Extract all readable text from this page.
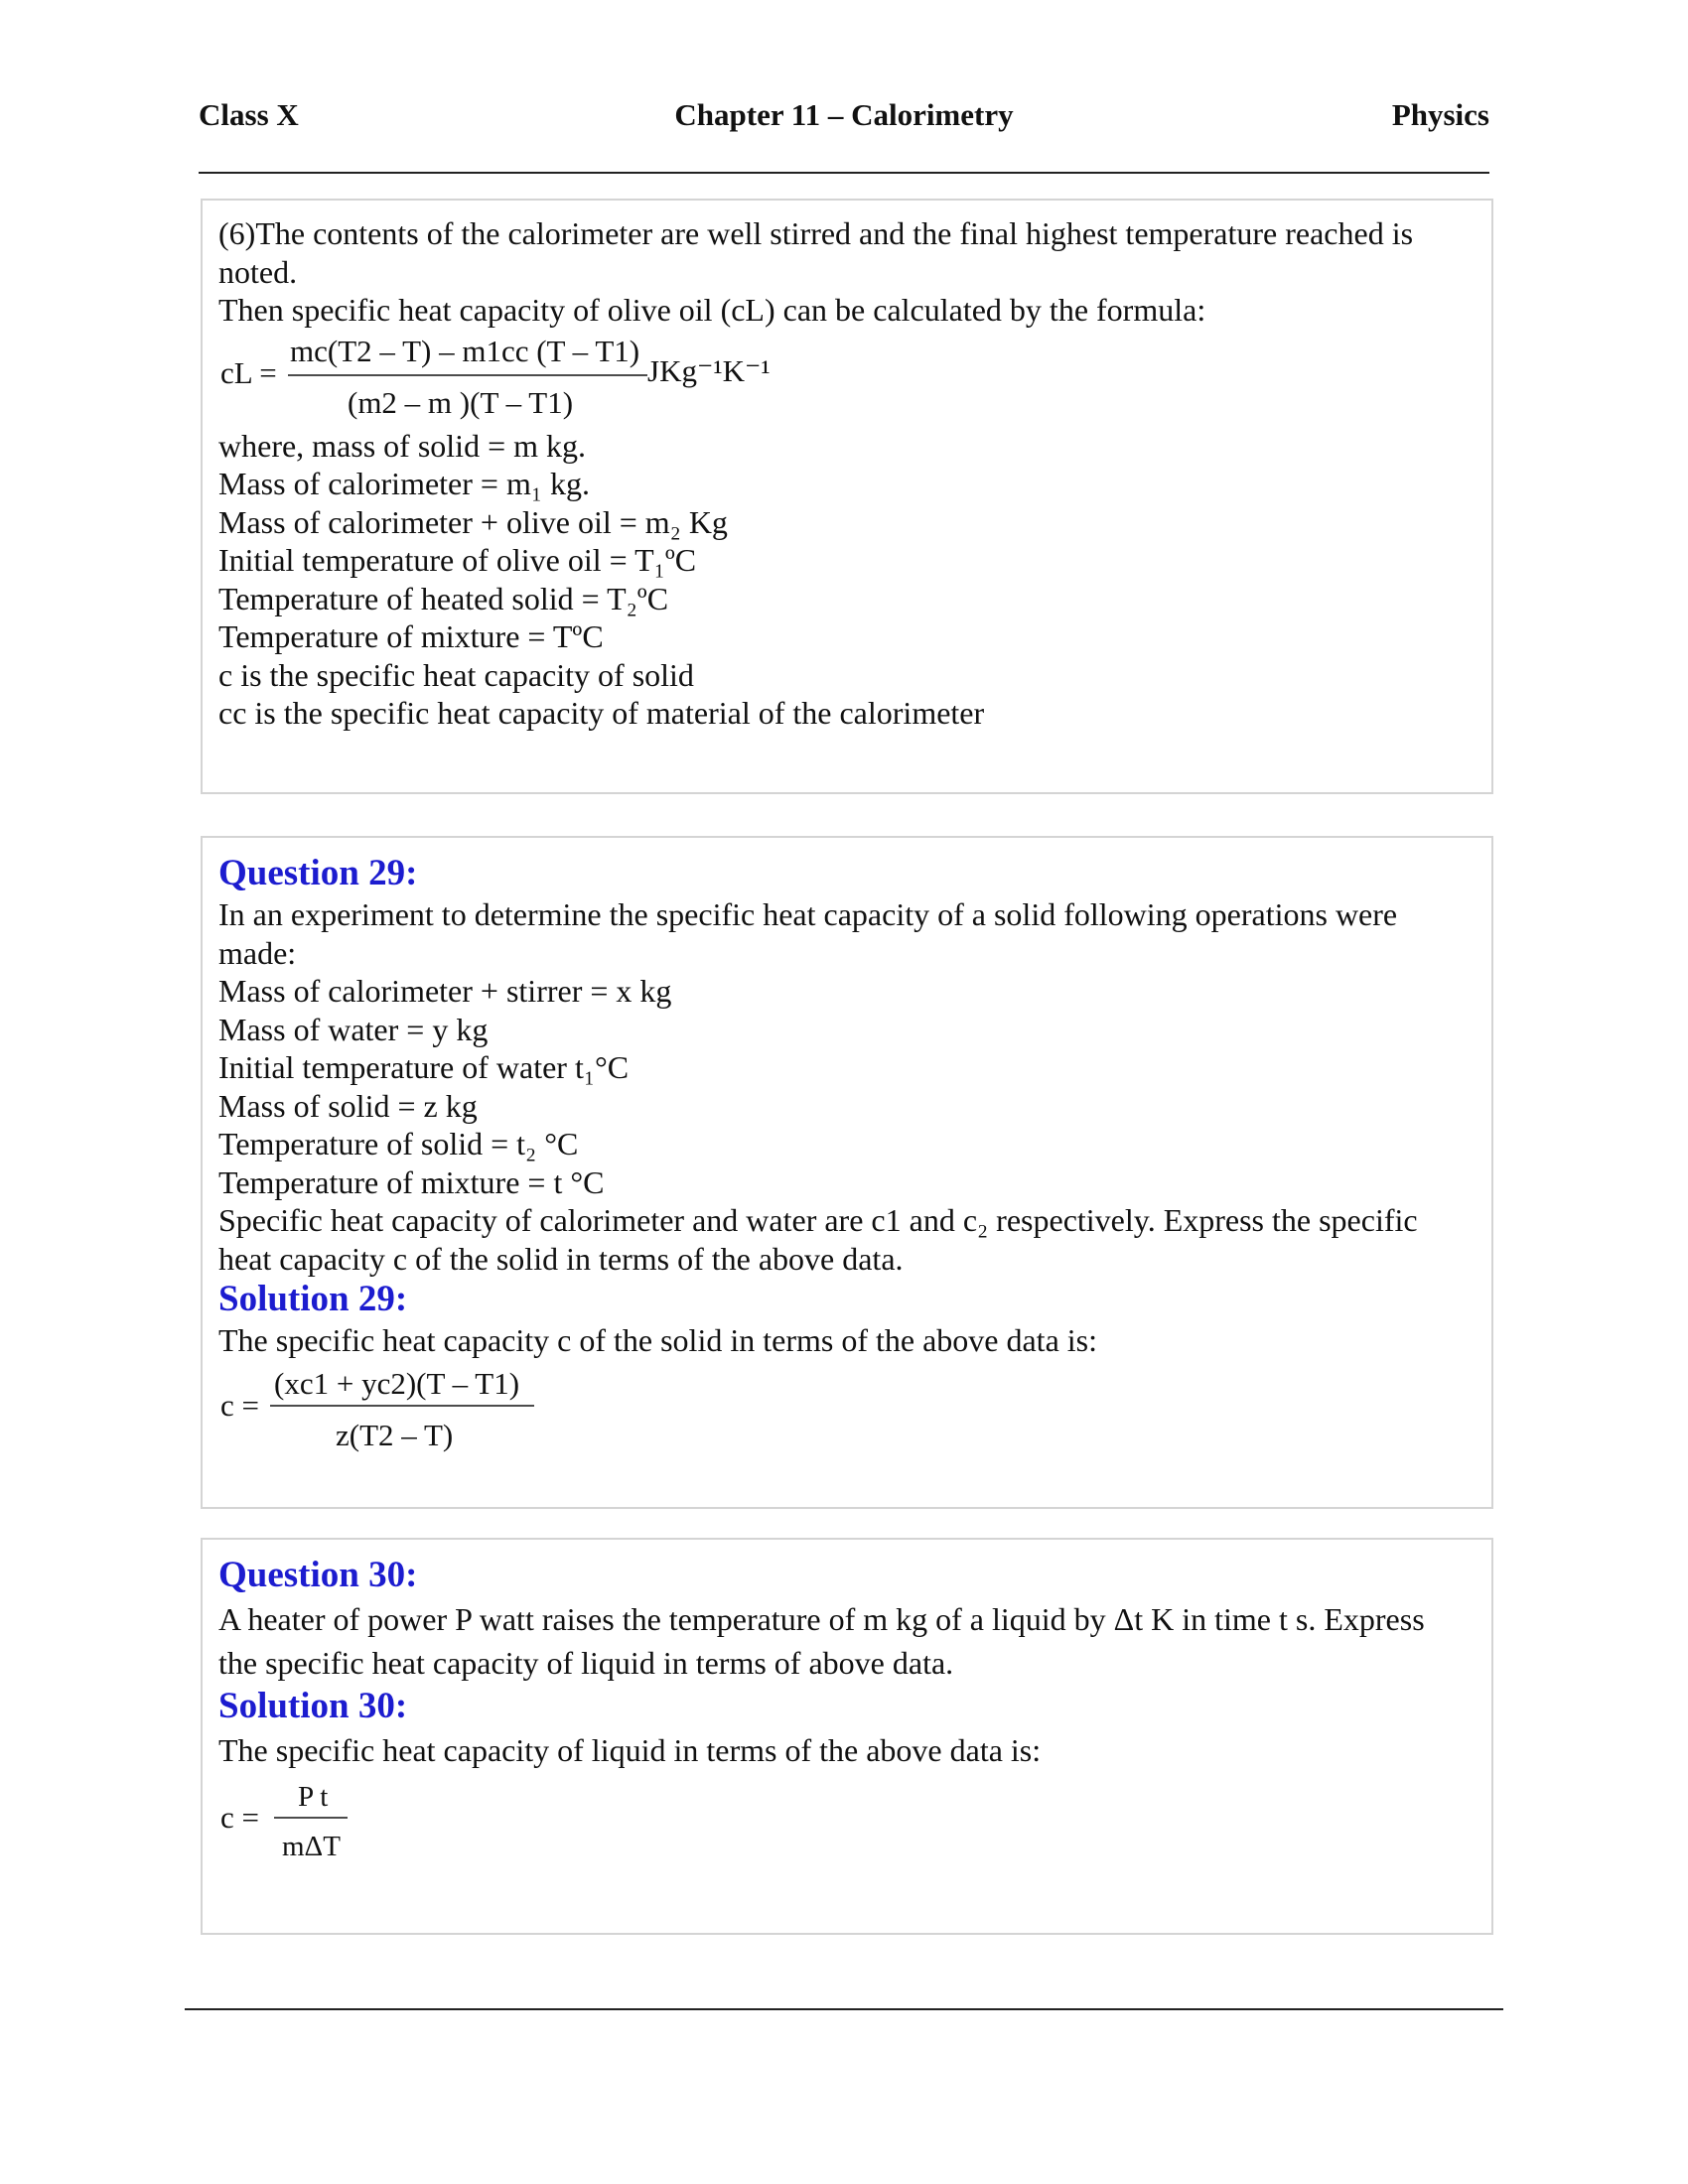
Class X	Chapter 11 – Calorimetry	Physics
(6)The contents of the calorimeter are well stirred and the final highest temperature reached is
noted.
Then specific heat capacity of olive oil (cL) can be calculated by the formula:
cL =
mc(T2 – T) – m1cc (T – T1)
JKg⁻¹K⁻¹
(m2 – m )(T – T1)
where, mass of solid = m kg.
Mass of calorimeter = m₁ kg.
Mass of calorimeter + olive oil = m₂ Kg
Initial temperature of olive oil = T₁ºC
Temperature of heated solid = T₂ºC
Temperature of mixture = TºC
c is the specific heat capacity of solid
cc is the specific heat capacity of material of the calorimeter
Question 29:
In an experiment to determine the specific heat capacity of a solid following operations were
made:
Mass of calorimeter + stirrer = x kg
Mass of water = y kg
Initial temperature of water t₁°C
Mass of solid = z kg
Temperature of solid = t₂ °C
Temperature of mixture = t °C
Specific heat capacity of calorimeter and water are c1 and c₂ respectively. Express the specific
heat capacity c of the solid in terms of the above data.
Solution 29:
The specific heat capacity c of the solid in terms of the above data is:
c =
(xc1 + yc2)(T – T1)
z(T2 – T)
Question 30:
A heater of power P watt raises the temperature of m kg of a liquid by Δt K in time t s. Express
the specific heat capacity of liquid in terms of above data.
Solution 30:
The specific heat capacity of liquid in terms of the above data is:
c =
P t
mΔT
